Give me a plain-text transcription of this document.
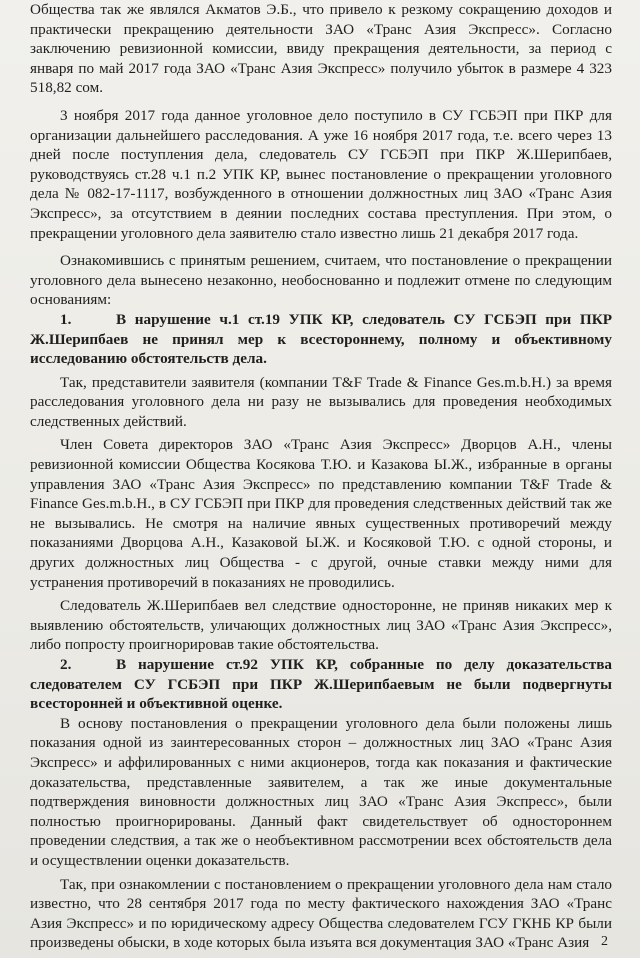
Общества так же являлся Акматов Э.Б., что привело к резкому сокращению доходов и практически прекращению деятельности ЗАО «Транс Азия Экспресс». Согласно заключению ревизионной комиссии, ввиду прекращения деятельности, за период с января по май 2017 года ЗАО «Транс Азия Экспресс» получило убыток в размере 4 323 518,82 сом.

3 ноября 2017 года данное уголовное дело поступило в СУ ГСБЭП при ПКР для организации дальнейшего расследования. А уже 16 ноября 2017 года, т.е. всего через 13 дней после поступления дела, следователь СУ ГСБЭП при ПКР Ж.Шерипбаев, руководствуясь ст.28 ч.1 п.2 УПК КР, вынес постановление о прекращении уголовного дела № 082-17-1117, возбужденного в отношении должностных лиц ЗАО «Транс Азия Экспресс», за отсутствием в деянии последних состава преступления. При этом, о прекращении уголовного дела заявителю стало известно лишь 21 декабря 2017 года.

Ознакомившись с принятым решением, считаем, что постановление о прекращении уголовного дела вынесено незаконно, необоснованно и подлежит отмене по следующим основаниям:

1.	В нарушение ч.1 ст.19 УПК КР, следователь СУ ГСБЭП при ПКР Ж.Шерипбаев не принял мер к всестороннему, полному и объективному исследованию обстоятельств дела.

Так, представители заявителя (компании T&F Trade & Finance Ges.m.b.H.) за время расследования уголовного дела ни разу не вызывались для проведения необходимых следственных действий.

Член Совета директоров ЗАО «Транс Азия Экспресс» Дворцов А.Н., члены ревизионной комиссии Общества Косякова Т.Ю. и Казакова Ы.Ж., избранные в органы управления ЗАО «Транс Азия Экспресс» по представлению компании T&F Trade & Finance Ges.m.b.H., в СУ ГСБЭП при ПКР для проведения следственных действий так же не вызывались. Не смотря на наличие явных существенных противоречий между показаниями Дворцова А.Н., Казаковой Ы.Ж. и Косяковой Т.Ю. с одной стороны, и других должностных лиц Общества - с другой, очные ставки между ними для устранения противоречий в показаниях не проводились.

Следователь Ж.Шерипбаев вел следствие односторонне, не приняв никаких мер к выявлению обстоятельств, уличающих должностных лиц ЗАО «Транс Азия Экспресс», либо попросту проигнорировав такие обстоятельства.

2.	В нарушение ст.92 УПК КР, собранные по делу доказательства следователем СУ ГСБЭП при ПКР Ж.Шерипбаевым не были подвергнуты всесторонней и объективной оценке.

В основу постановления о прекращении уголовного дела были положены лишь показания одной из заинтересованных сторон – должностных лиц ЗАО «Транс Азия Экспресс» и аффилированных с ними акционеров, тогда как показания и фактические доказательства, представленные заявителем, а так же иные документальные подтверждения виновности должностных лиц ЗАО «Транс Азия Экспресс», были полностью проигнорированы. Данный факт свидетельствует об одностороннем проведении следствия, а так же о необъективном рассмотрении всех обстоятельств дела и осуществлении оценки доказательств.

Так, при ознакомлении с постановлением о прекращении уголовного дела нам стало известно, что 28 сентября 2017 года по месту фактического нахождения ЗАО «Транс Азия Экспресс» и по юридическому адресу Общества следователем ГСУ ГКНБ КР были произведены обыски, в ходе которых была изъята вся документация ЗАО «Транс Азия 2
